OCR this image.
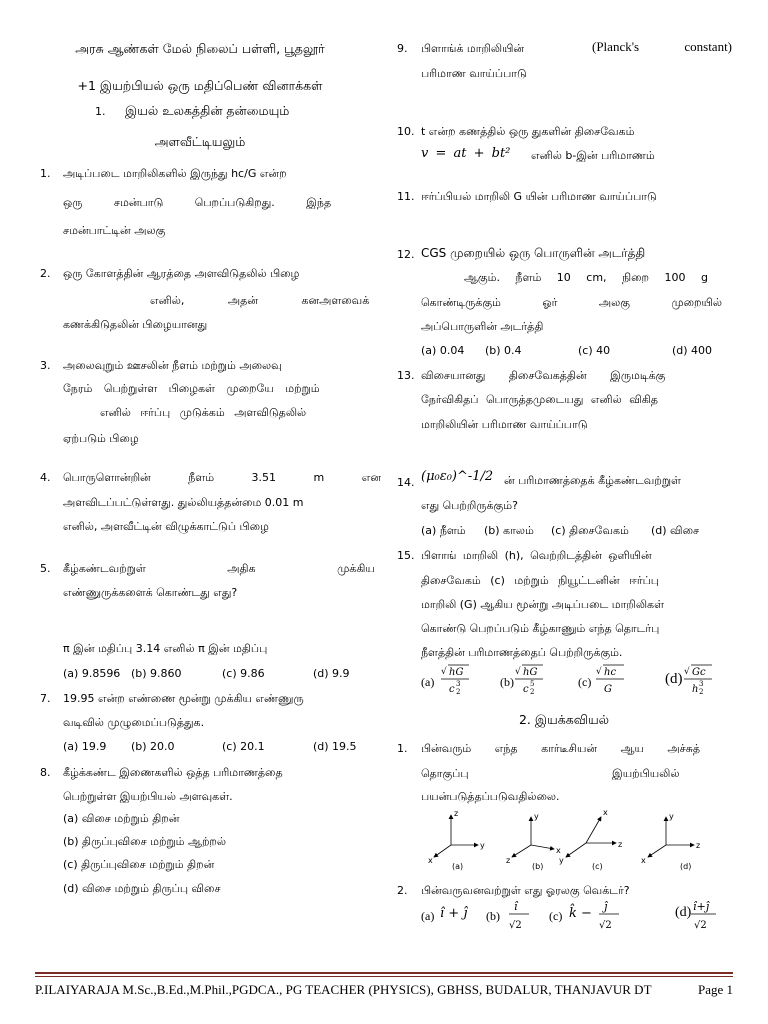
அரசு ஆண்கள் மேல் நிலைப் பள்ளி, பூதலூர்
+1 இயற்பியல் ஒரு மதிப்பெண் வினாக்கள்
1. இயல் உலகத்தின் தன்மையும்
அளவீட்டியலும்
1. அடிப்படை மாறிலிகளில் இருந்து hc/G என்ற
ஒரு சமன்பாடு பெறப்படுகிறது. இந்த
சமன்பாட்டின் அலகு
2. ஒரு கோளத்தின் ஆரத்தை அளவிடுதலில் பிழை
எனில், அதன் கனஅளவைக்
கணக்கிடுதலின் பிழையானது
3. அலைவுறும் ஊசலின் நீளம் மற்றும் அலைவு
நேரம் பெற்றுள்ள பிழைகள் முறையே மற்றும்
எனில் ஈர்ப்பு முடுக்கம் அளவிடுதலில்
ஏற்படும் பிழை
4. பொருளொன்றின் நீளம் 3.51 m என
அளவிடப்பட்டுள்ளது. துல்லியத்தன்மை 0.01 m
எனில், அளவீட்டின் விழுக்காட்டுப் பிழை
5. கீழ்கண்டவற்றுள் அதிக முக்கிய
எண்ணுருக்களைக் கொண்டது எது?
π இன் மதிப்பு 3.14 எனில் π இன் மதிப்பு
(a) 9.8596 (b) 9.860	(c) 9.86	(d) 9.9
7. 19.95 என்ற எண்ணை மூன்று முக்கிய எண்ணுரு
வடிவில் முழுமைப்படுத்துக.
(a) 19.9 (b) 20.0	(c) 20.1	(d) 19.5
8. கீழ்க்கண்ட இணைகளில் ஒத்த பரிமாணத்தை
பெற்றுள்ள இயற்பியல் அளவுகள்.
(a) விசை மற்றும் திறன்
(b) திருப்புவிசை மற்றும் ஆற்றல்
(c) திருப்புவிசை மற்றும் திறன்
(d) விசை மற்றும் திருப்பு விசை
9. பிளாங்க் மாறிலியின்	(Planck's constant)
பரிமாண வாய்ப்பாடு
10. t என்ற கணத்தில் ஒரு துகளின் திசைவேகம்
v = at + bt² எனில் b-இன் பரிமாணம்
11. ஈர்ப்பியல் மாறிலி G யின் பரிமாண வாய்ப்பாடு
12. CGS முறையில் ஒரு பொருளின் அடர்த்தி
ஆகும். நீளம் 10 cm, நிறை 100 g
கொண்டிருக்கும் ஓர் அலகு முறையில்
அப்பொருளின் அடர்த்தி
(a) 0.04 (b) 0.4	(c) 40	(d) 400
13. விசையானது திசைவேகத்தின் இருமடிக்கு
நேர்விகிதப் பொருத்தமுடையது எனில் விகித
மாறிலியின் பரிமாண வாய்ப்பாடு
14. (μ₀ε₀)^-1/2 ன் பரிமாணத்தைக் கீழ்கண்டவற்றுள்
எது பெற்றிருக்கும்?
(a) நீளம் (b) காலம் (c) திசைவேகம் (d) விசை
15. பிளாங் மாறிலி (h), வெற்றிடத்தின் ஒளியின்
திசைவேகம் (c) மற்றும் நியூட்டனின் ஈர்ப்பு
மாறிலி (G) ஆகிய மூன்று அடிப்படை மாறிலிகள்
கொண்டு பெறப்படும் கீழ்காணும் எந்த தொடர்பு
நீளத்தின் பரிமாணத்தைப் பெற்றிருக்கும்.
(a)
√ hG
c 3
2
(b)
√ hG
c 5
2
(c)
√ hc
G
(d) √ Gc
h 3
2
2. இயக்கவியல்
1. பின்வரும் எந்த கார்டீசியன் ஆய அச்சுத்
தொகுப்பு இயற்பியலில்
பயன்படுத்தப்படுவதில்லை.
z
y
x
y
x
z
x
z
y
y
z
x
(a)	(b)	(c)	(d)
2. பின்வருவனவற்றுள் எது ஓரலகு வெக்டர்?
(a) î + ĵ (b)
î
√2
(c) k̂ − ĵ
√2
(d) î+ĵ
√2
P.ILAIYARAJA M.Sc.,B.Ed.,M.Phil.,PGDCA., PG TEACHER (PHYSICS), GBHSS, BUDALUR, THANJAVUR DT	Page 1
